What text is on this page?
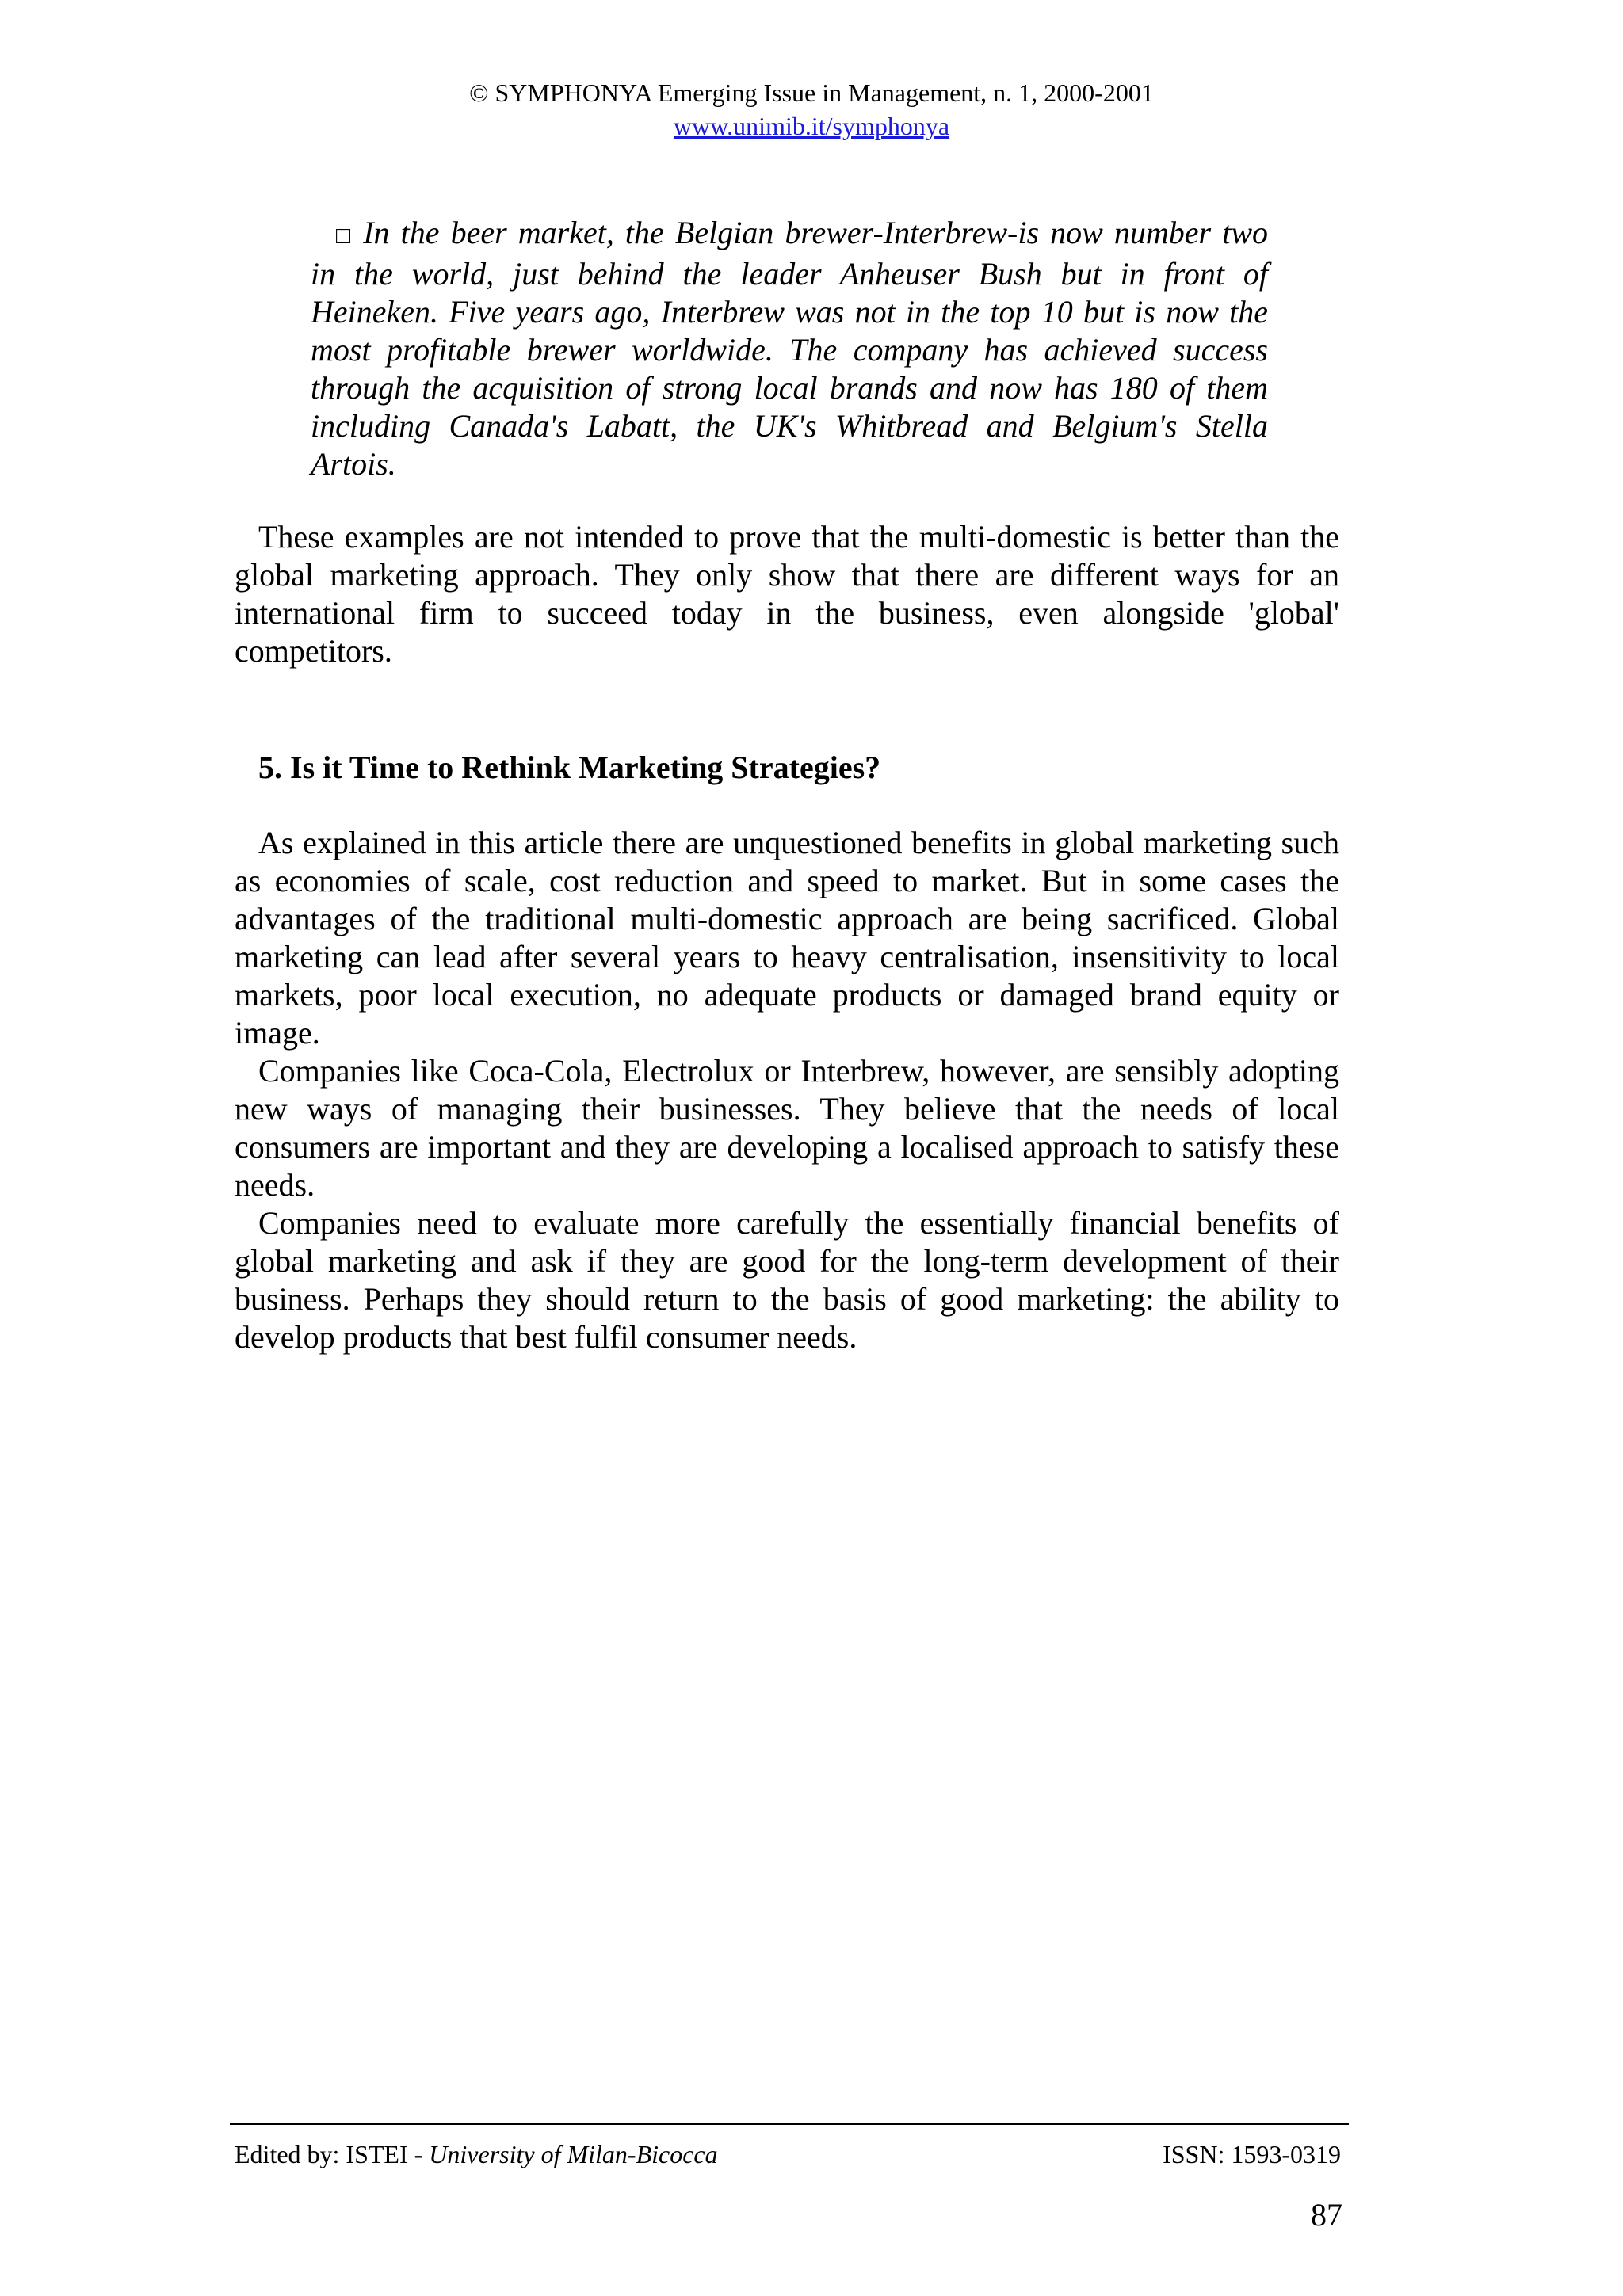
© SYMPHONYA Emerging Issue in Management, n. 1, 2000-2001
www.unimib.it/symphonya
□ In the beer market, the Belgian brewer-Interbrew-is now number two in the world, just behind the leader Anheuser Bush but in front of Heineken. Five years ago, Interbrew was not in the top 10 but is now the most profitable brewer worldwide. The company has achieved success through the acquisition of strong local brands and now has 180 of them including Canada's Labatt, the UK's Whitbread and Belgium's Stella Artois.

These examples are not intended to prove that the multi-domestic is better than the global marketing approach. They only show that there are different ways for an international firm to succeed today in the business, even alongside 'global' competitors.

5. Is it Time to Rethink Marketing Strategies?

As explained in this article there are unquestioned benefits in global marketing such as economies of scale, cost reduction and speed to market. But in some cases the advantages of the traditional multi-domestic approach are being sacrificed. Global marketing can lead after several years to heavy centralisation, insensitivity to local markets, poor local execution, no adequate products or damaged brand equity or image.

Companies like Coca-Cola, Electrolux or Interbrew, however, are sensibly adopting new ways of managing their businesses. They believe that the needs of local consumers are important and they are developing a localised approach to satisfy these needs.

Companies need to evaluate more carefully the essentially financial benefits of global marketing and ask if they are good for the long-term development of their business. Perhaps they should return to the basis of good marketing: the ability to develop products that best fulfil consumer needs.

Edited by: ISTEI - University of Milan-Bicocca	ISSN: 1593-0319
87
